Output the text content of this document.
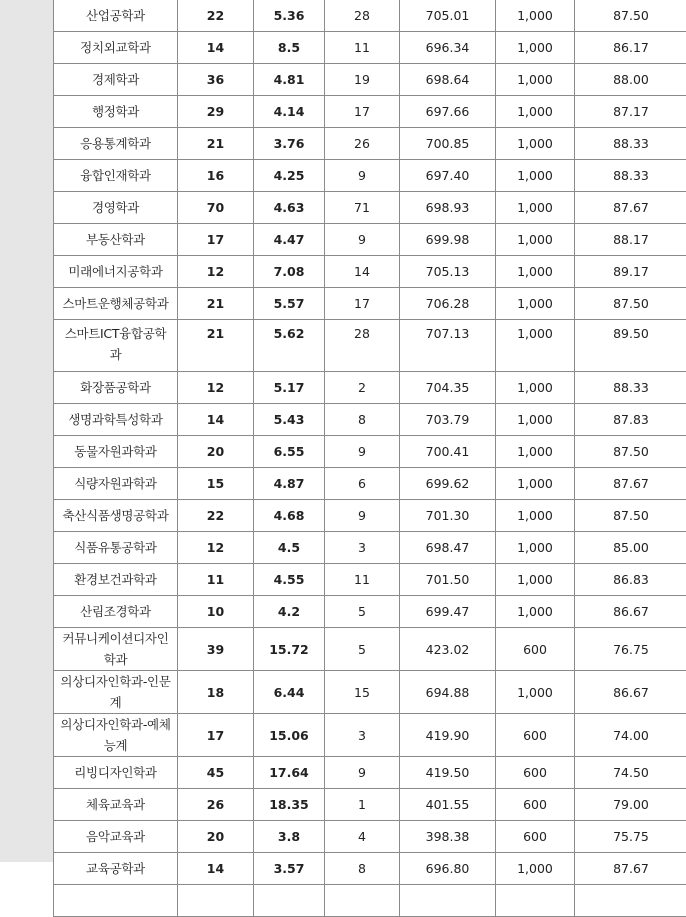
산업공학과	22	5.36	28	705.01	1,000	87.50
정치외교학과	14	8.5	11	696.34	1,000	86.17
경제학과	36	4.81	19	698.64	1,000	88.00
행정학과	29	4.14	17	697.66	1,000	87.17
응용통계학과	21	3.76	26	700.85	1,000	88.33
융합인재학과	16	4.25	9	697.40	1,000	88.33
경영학과	70	4.63	71	698.93	1,000	87.67
부동산학과	17	4.47	9	699.98	1,000	88.17
미래에너지공학과	12	7.08	14	705.13	1,000	89.17
스마트운행체공학과	21	5.57	17	706.28	1,000	87.50
스마트ICT융합공학과	21	5.62	28	707.13	1,000	89.50
화장품공학과	12	5.17	2	704.35	1,000	88.33
생명과학특성학과	14	5.43	8	703.79	1,000	87.83
동물자원과학과	20	6.55	9	700.41	1,000	87.50
식량자원과학과	15	4.87	6	699.62	1,000	87.67
축산식품생명공학과	22	4.68	9	701.30	1,000	87.50
식품유통공학과	12	4.5	3	698.47	1,000	85.00
환경보건과학과	11	4.55	11	701.50	1,000	86.83
산림조경학과	10	4.2	5	699.47	1,000	86.67
커뮤니케이션디자인학과	39	15.72	5	423.02	600	76.75
의상디자인학과-인문계	18	6.44	15	694.88	1,000	86.67
의상디자인학과-예체능계	17	15.06	3	419.90	600	74.00
리빙디자인학과	45	17.64	9	419.50	600	74.50
체육교육과	26	18.35	1	401.55	600	79.00
음악교육과	20	3.8	4	398.38	600	75.75
교육공학과	14	3.57	8	696.80	1,000	87.67
